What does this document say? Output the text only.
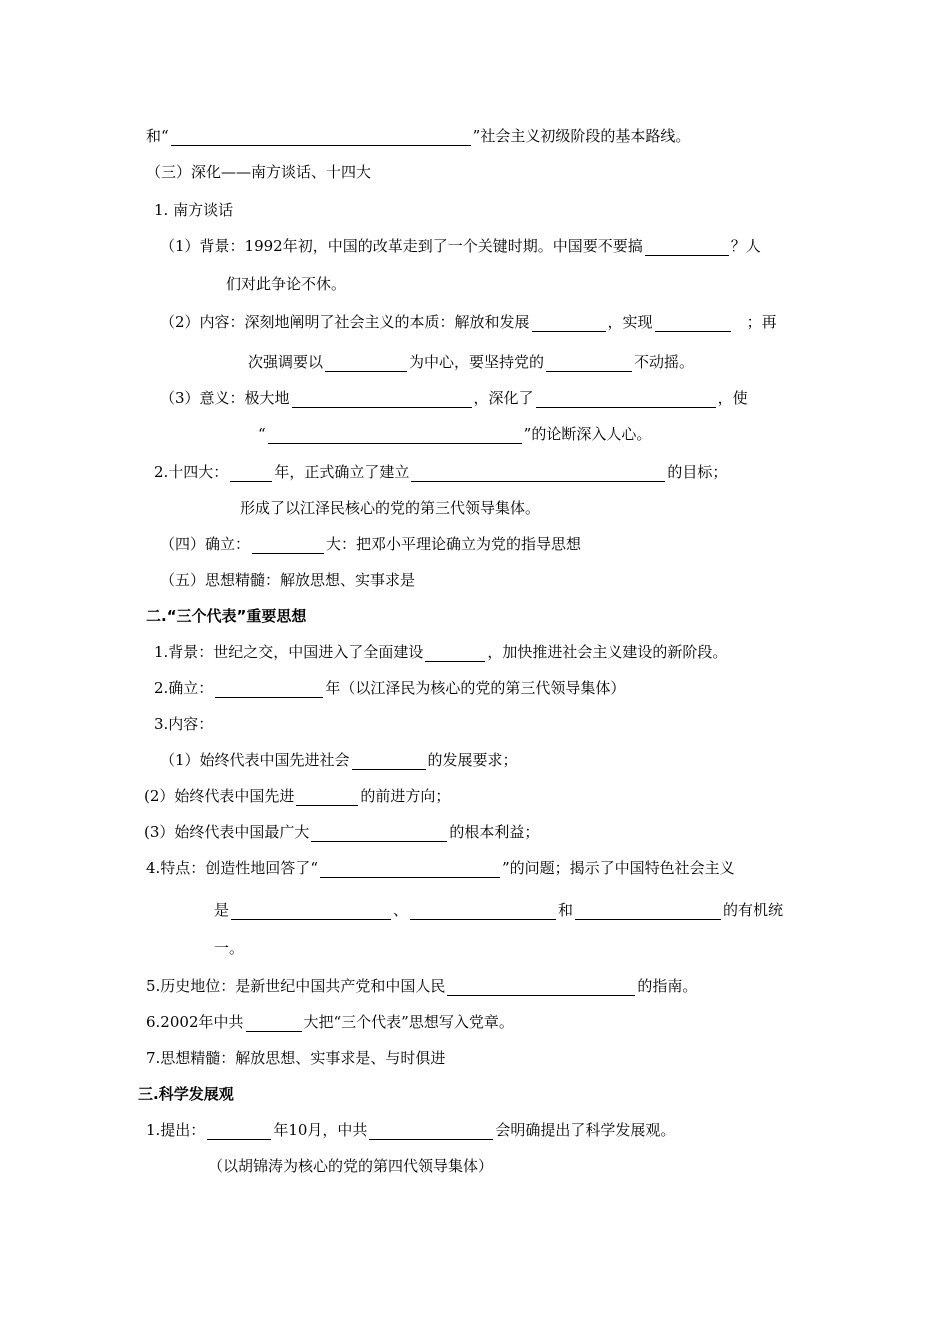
和“	”社会主义初级阶段的基本路线。
（三）深化——南方谈话、十四大
1. 南方谈话
（1）背景：1992年初，中国的改革走到了一个关键时期。中国要不要搞	？人
们对此争论不休。
（2）内容：深刻地阐明了社会主义的本质：解放和发展	，实现	；再
次强调要以	为中心，要坚持党的	不动摇。
（3）意义：极大地	，深化了	，使
“	”的论断深入人心。
2.十四大：	年，正式确立了建立	的目标；
形成了以江泽民核心的党的第三代领导集体。
（四）确立：	大：把邓小平理论确立为党的指导思想
（五）思想精髓：解放思想、实事求是
二.“三个代表”重要思想
1.背景：世纪之交，中国进入了全面建设	，加快推进社会主义建设的新阶段。
2.确立：	年（以江泽民为核心的党的第三代领导集体）
3.内容：
（1）始终代表中国先进社会	的发展要求；
(2）始终代表中国先进	的前进方向；
(3）始终代表中国最广大	的根本利益；
4.特点：创造性地回答了“	”的问题；揭示了中国特色社会主义
是	、	和	的有机统
一。
5.历史地位：是新世纪中国共产党和中国人民	的指南。
6.2002年中共	大把“三个代表”思想写入党章。
7.思想精髓：解放思想、实事求是、与时俱进
三.科学发展观
1.提出：	年10月，中共	会明确提出了科学发展观。
（以胡锦涛为核心的党的第四代领导集体）
